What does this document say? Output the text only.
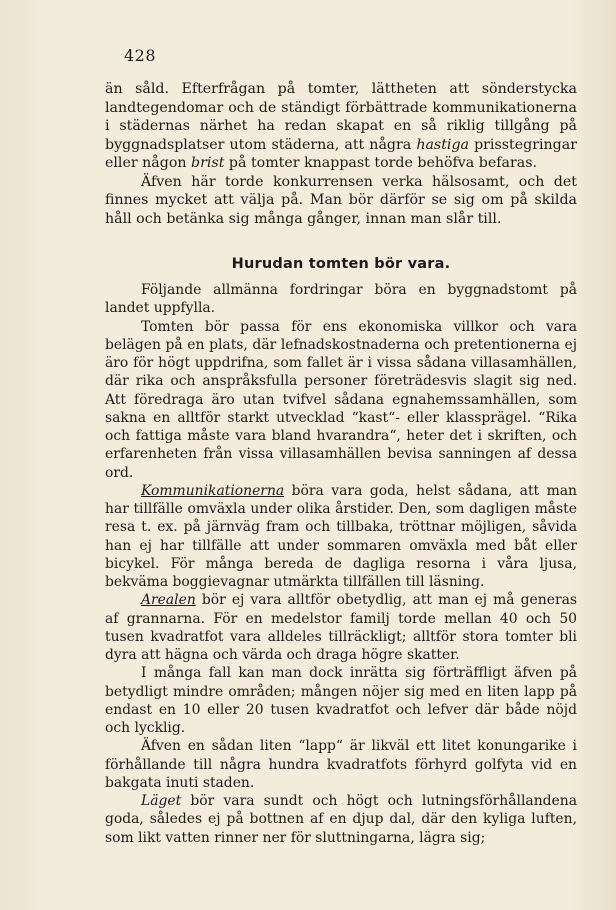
428

än såld. Efterfrågan på tomter, lättheten att sönderstycka landtegendomar och de ständigt förbättrade kommunikationerna i städernas närhet ha redan skapat en så riklig tillgång på byggnadsplatser utom städerna, att några hastiga prisstegringar eller någon brist på tomter knappast torde behöfva befaras.

Äfven här torde konkurrensen verka hälsosamt, och det finnes mycket att välja på. Man bör därför se sig om på skilda håll och betänka sig många gånger, innan man slår till.

Hurudan tomten bör vara.

Följande allmänna fordringar böra en byggnadstomt på landet uppfylla.

Tomten bör passa för ens ekonomiska villkor och vara belägen på en plats, där lefnadskostnaderna och pretentionerna ej äro för högt uppdrifna, som fallet är i vissa sådana villasamhällen, där rika och anspråksfulla personer företrädesvis slagit sig ned. Att föredraga äro utan tvifvel sådana egnahemssamhällen, som sakna en alltför starkt utvecklad “kast“- eller klassprägel. “Rika och fattiga måste vara bland hvarandra“, heter det i skriften, och erfarenheten från vissa villasamhällen bevisa sanningen af dessa ord.

Kommunikationerna böra vara goda, helst sådana, att man har tillfälle omväxla under olika årstider. Den, som dagligen måste resa t. ex. på järnväg fram och tillbaka, tröttnar möjligen, såvida han ej har tillfälle att under sommaren omväxla med båt eller bicykel. För många bereda de dagliga resorna i våra ljusa, bekväma boggievagnar utmärkta tillfällen till läsning.

Arealen bör ej vara alltför obetydlig, att man ej må generas af grannarna. För en medelstor familj torde mellan 40 och 50 tusen kvadratfot vara alldeles tillräckligt; alltför stora tomter bli dyra att hägna och värda och draga högre skatter.

I många fall kan man dock inrätta sig förträffligt äfven på betydligt mindre områden; mången nöjer sig med en liten lapp på endast en 10 eller 20 tusen kvadratfot och lefver där både nöjd och lycklig.

Äfven en sådan liten “lapp“ är likväl ett litet konungarike i förhållande till några hundra kvadratfots förhyrd golfyta vid en bakgata inuti staden.

Läget bör vara sundt och högt och lutningsförhållandena goda, således ej på bottnen af en djup dal, där den kyliga luften, som likt vatten rinner ner för sluttningarna, lägra sig;
